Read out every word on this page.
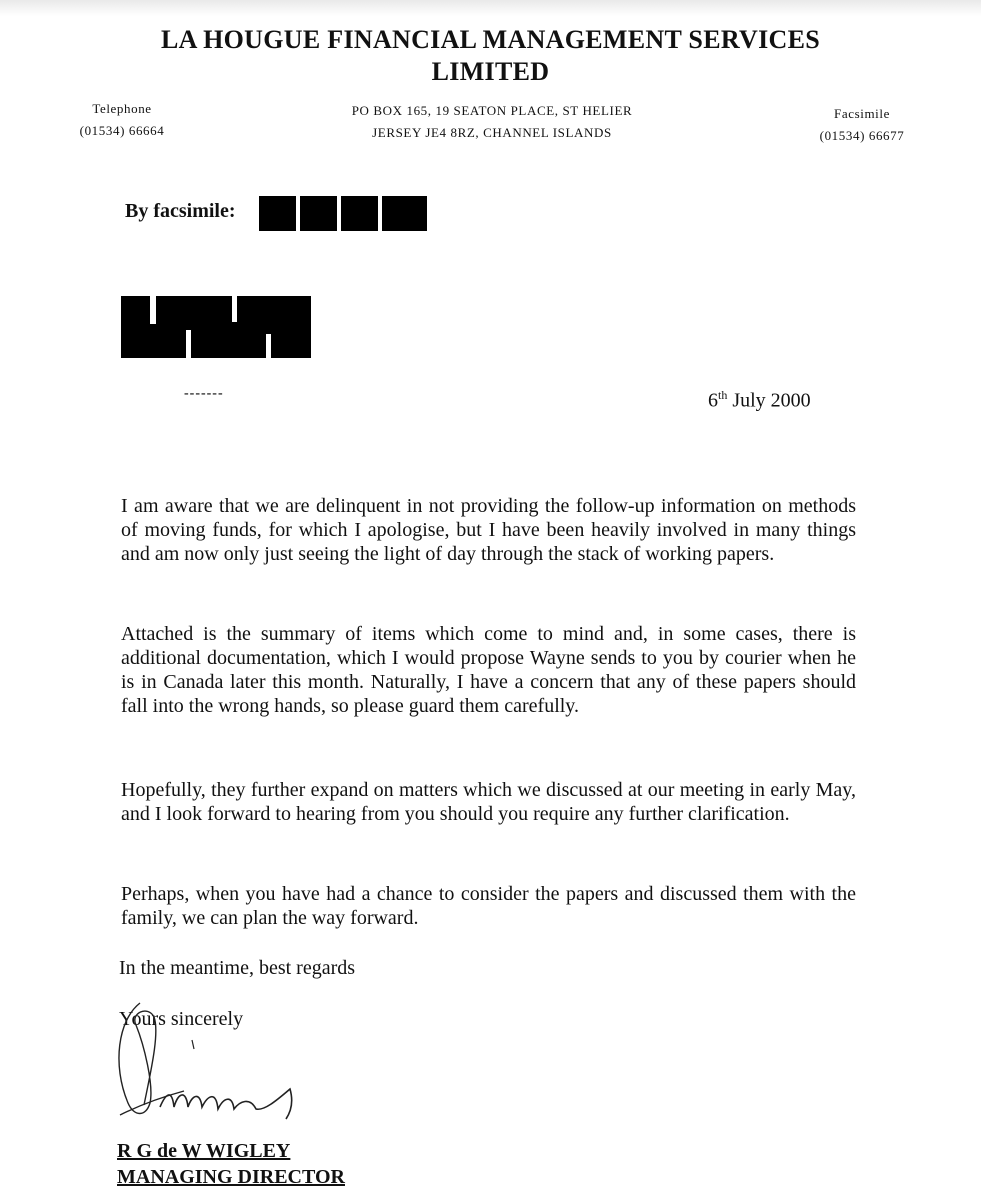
LA HOUGUE FINANCIAL MANAGEMENT SERVICES
LIMITED
Telephone
(01534) 66664
PO BOX 165, 19 SEATON PLACE, ST HELIER
JERSEY JE4 8RZ, CHANNEL ISLANDS
Facsimile
(01534) 66677
By facsimile:
-------	6th July 2000
I am aware that we are delinquent in not providing the follow-up information on methods of moving funds, for which I apologise, but I have been heavily involved in many things and am now only just seeing the light of day through the stack of working papers.
Attached is the summary of items which come to mind and, in some cases, there is additional documentation, which I would propose Wayne sends to you by courier when he is in Canada later this month. Naturally, I have a concern that any of these papers should fall into the wrong hands, so please guard them carefully.
Hopefully, they further expand on matters which we discussed at our meeting in early May, and I look forward to hearing from you should you require any further clarification.
Perhaps, when you have had a chance to consider the papers and discussed them with the family, we can plan the way forward.
In the meantime, best regards
Yours sincerely
R G de W WIGLEY
MANAGING DIRECTOR
